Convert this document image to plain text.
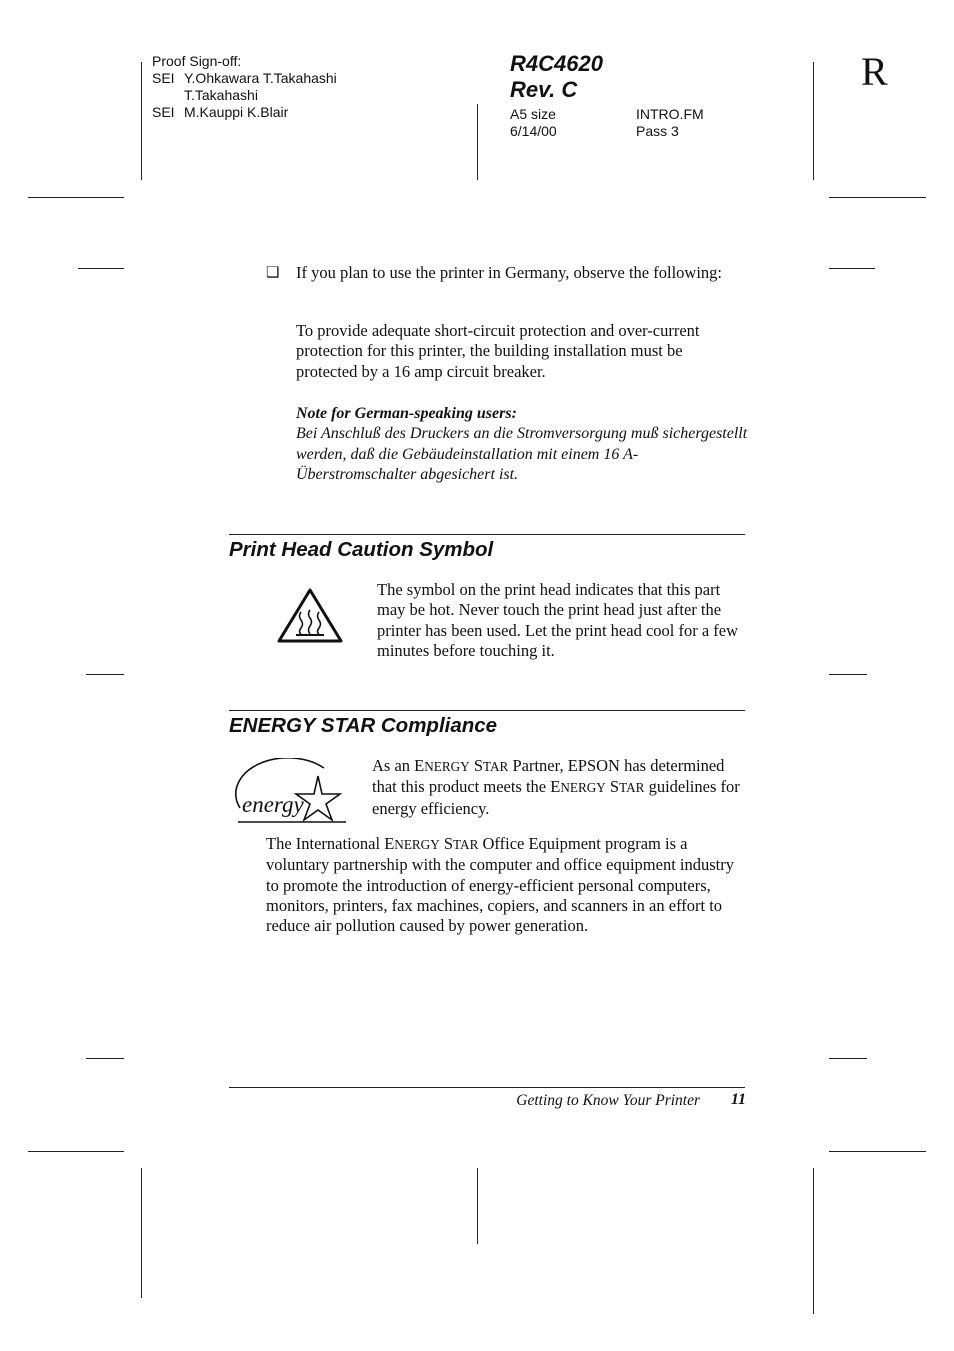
Proof Sign-off:
SEI Y.Ohkawara T.Takahashi
T.Takahashi
SEI M.Kauppi K.Blair
R4C4620
Rev. C
A5 size	INTRO.FM
6/14/00	Pass 3
R
❏ If you plan to use the printer in Germany, observe the following:
To provide adequate short-circuit protection and over-current protection for this printer, the building installation must be protected by a 16 amp circuit breaker.
Note for German-speaking users:
Bei Anschluß des Druckers an die Stromversorgung muß sichergestellt werden, daß die Gebäudeinstallation mit einem 16 A-Überstromschalter abgesichert ist.
Print Head Caution Symbol
The symbol on the print head indicates that this part may be hot. Never touch the print head just after the printer has been used. Let the print head cool for a few minutes before touching it.
ENERGY STAR Compliance
energy
As an ENERGY STAR Partner, EPSON has determined that this product meets the ENERGY STAR guidelines for energy efficiency.
The International ENERGY STAR Office Equipment program is a voluntary partnership with the computer and office equipment industry to promote the introduction of energy-efficient personal computers, monitors, printers, fax machines, copiers, and scanners in an effort to reduce air pollution caused by power generation.
Getting to Know Your Printer	11
